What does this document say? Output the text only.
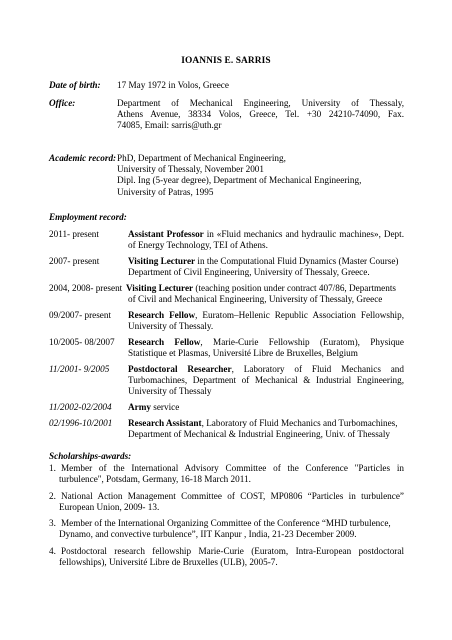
IOANNIS E. SARRIS
Date of birth: 17 May 1972 in Volos, Greece
Office:	Department of Mechanical Engineering, University of Thessaly,
Athens Avenue, 38334 Volos, Greece, Tel. +30 24210-74090, Fax.
74085, Email: sarris@uth.gr
Academic record: PhD, Department of Mechanical Engineering,
University of Thessaly, November 2001
Dipl. Ing (5-year degree), Department of Mechanical Engineering,
University of Patras, 1995
Employment record:
2011- present	Assistant Professor in «Fluid mechanics and hydraulic machines», Dept.
of Energy Technology, TEI of Athens.
2007- present	Visiting Lecturer in the Computational Fluid Dynamics (Master Course)
Department of Civil Engineering, University of Thessaly, Greece.
2004, 2008- present Visiting Lecturer (teaching position under contract 407/86, Departments
of Civil and Mechanical Engineering, University of Thessaly, Greece
09/2007- present Research Fellow, Euratom–Hellenic Republic Association Fellowship,
University of Thessaly.
10/2005- 08/2007 Research Fellow, Marie-Curie Fellowship (Euratom), Physique
Statistique et Plasmas, Université Libre de Bruxelles, Belgium
11/2001- 9/2005 Postdoctoral Researcher, Laboratory of Fluid Mechanics and
Turbomachines, Department of Mechanical & Industrial Engineering,
University of Thessaly
11/2002-02/2004 Army service
02/1996-10/2001 Research Assistant, Laboratory of Fluid Mechanics and Turbomachines,
Department of Mechanical & Industrial Engineering, Univ. of Thessaly
Scholarships-awards:
1. Member of the International Advisory Committee of the Conference "Particles in
turbulence", Potsdam, Germany, 16-18 March 2011.
2. National Action Management Committee of COST, MP0806 “Particles in turbulence”
European Union, 2009- 13.
3. Member of the International Organizing Committee of the Conference “MHD turbulence,
Dynamo, and convective turbulence”, IIT Kanpur , India, 21-23 December 2009.
4. Postdoctoral research fellowship Marie-Curie (Euratom, Intra-European postdoctoral
fellowships), Université Libre de Bruxelles (ULB), 2005-7.
